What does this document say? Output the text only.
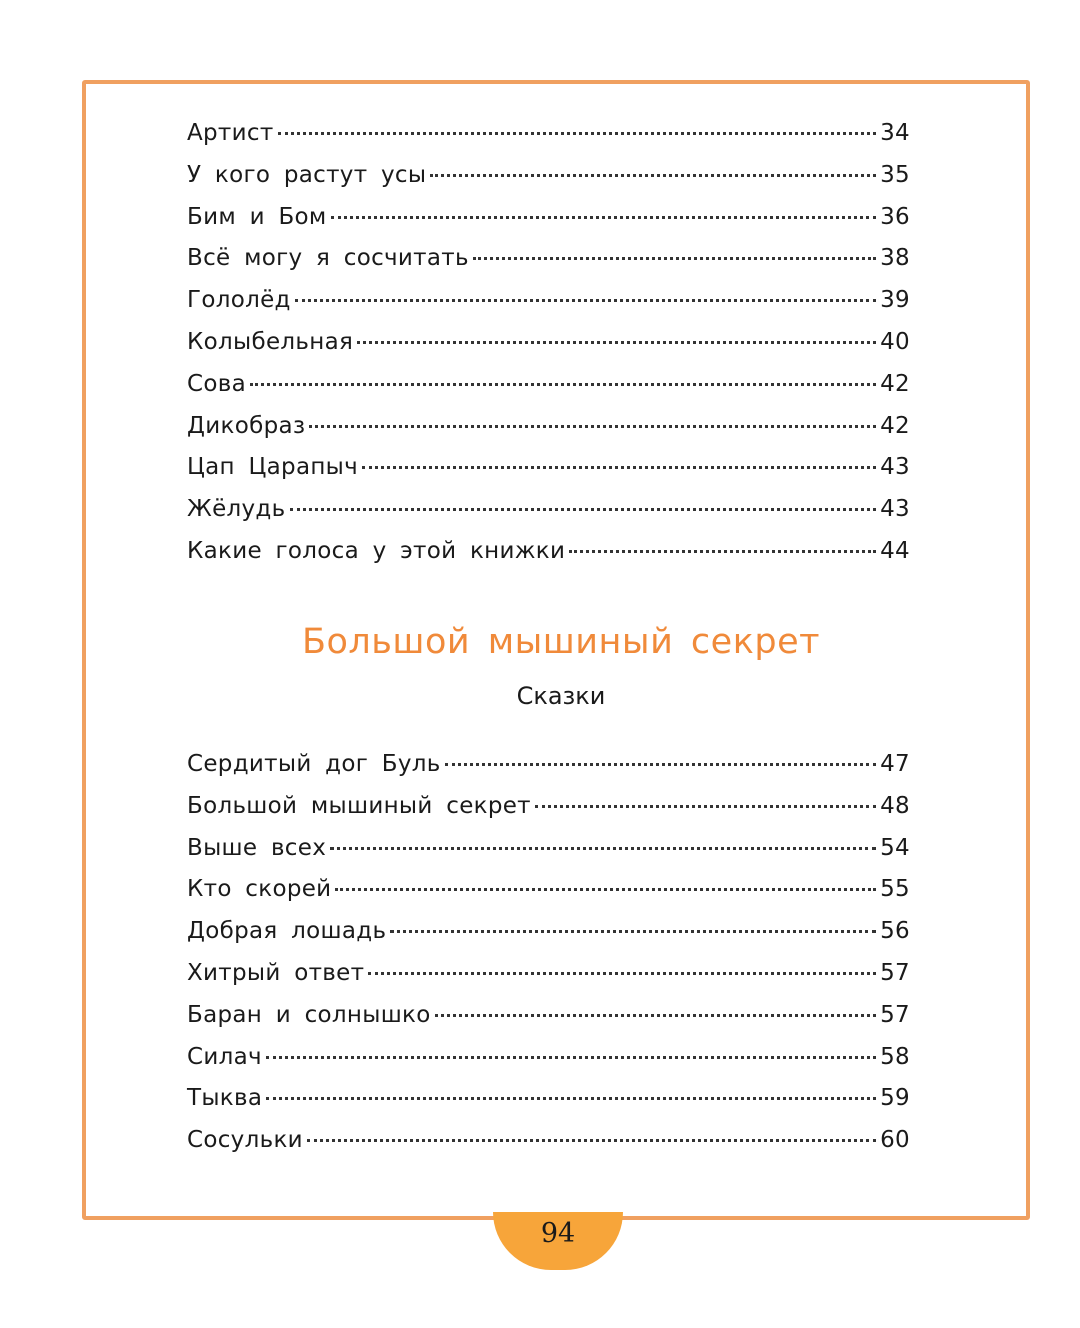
Артист	34
У кого растут усы	35
Бим и Бом	36
Всё могу я сосчитать	38
Гололёд	39
Колыбельная	40
Сова	42
Дикобраз	42
Цап Царапыч	43
Жёлудь	43
Какие голоса у этой книжки	44
Большой мышиный секрет
Сказки
Сердитый дог Буль	47
Большой мышиный секрет	48
Выше всех	54
Кто скорей	55
Добрая лошадь	56
Хитрый ответ	57
Баран и солнышко	57
Силач	58
Тыква	59
Сосульки	60
94
